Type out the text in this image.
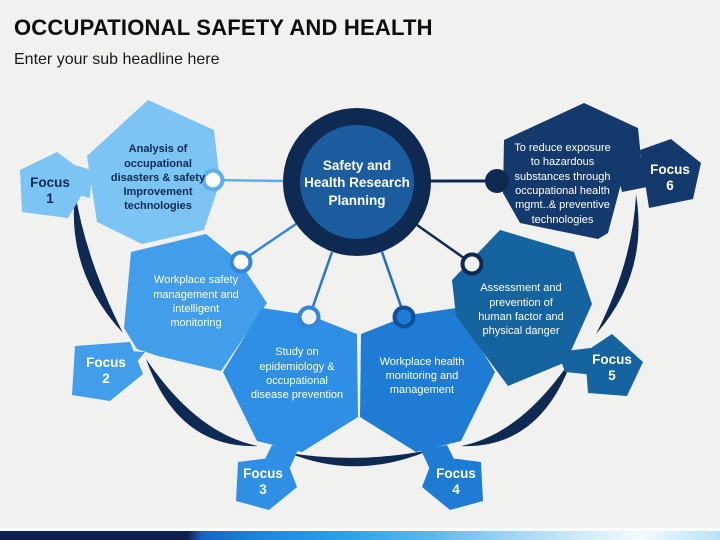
OCCUPATIONAL SAFETY AND HEALTH
Enter your sub headline here
Safety and Health Research Planning
Analysis of occupational disasters & safety Improvement technologies
Workplace safety management and intelligent monitoring
Study on epidemiology & occupational disease prevention
Workplace health monitoring and management
Assessment and prevention of human factor and physical danger
To reduce exposure to hazardous substances through occupational health mgmt..& preventive technologies
Focus
1
Focus
2
Focus
3
Focus
4
Focus
5
Focus
6
